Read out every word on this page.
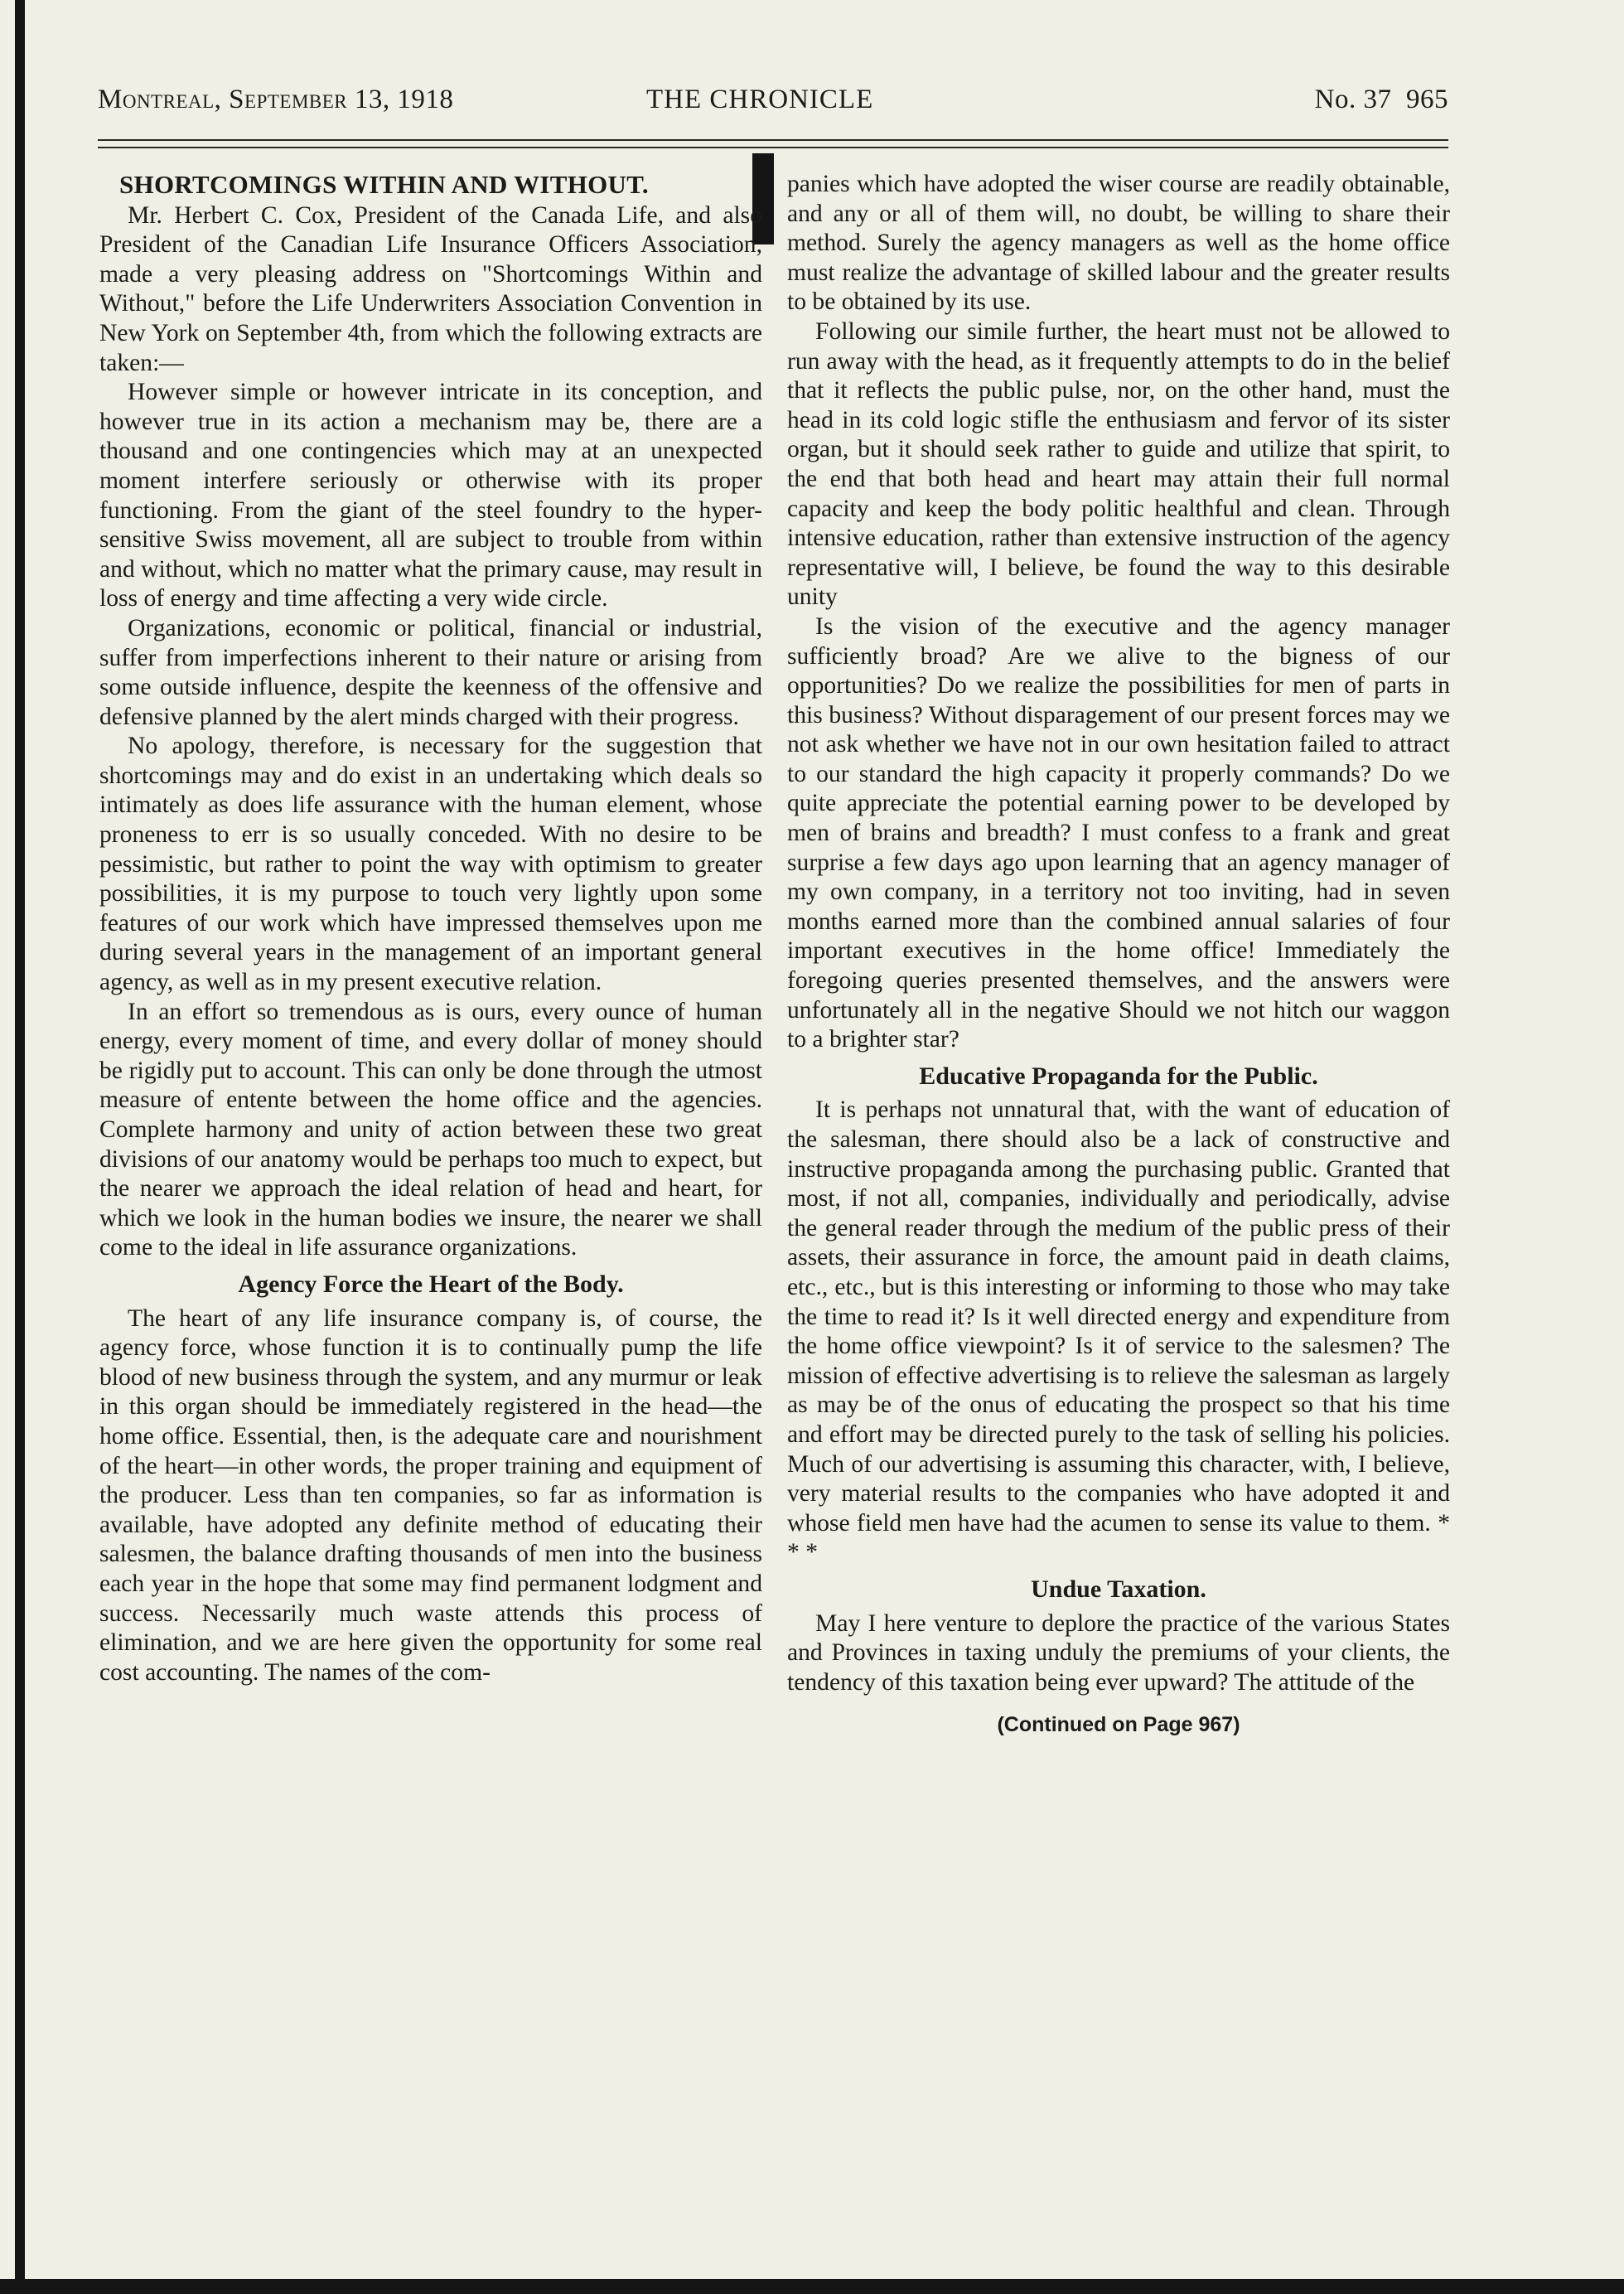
Montreal, September 13, 1918	THE CHRONICLE	No. 37 965
SHORTCOMINGS WITHIN AND WITHOUT.

Mr. Herbert C. Cox, President of the Canada Life, and also President of the Canadian Life Insurance Officers Association, made a very pleasing address on "Shortcomings Within and Without," before the Life Underwriters Association Convention in New York on September 4th, from which the following extracts are taken:—

However simple or however intricate in its conception, and however true in its action a mechanism may be, there are a thousand and one contingencies which may at an unexpected moment interfere seriously or otherwise with its proper functioning. From the giant of the steel foundry to the hyper-sensitive Swiss movement, all are subject to trouble from within and without, which no matter what the primary cause, may result in loss of energy and time affecting a very wide circle.

Organizations, economic or political, financial or industrial, suffer from imperfections inherent to their nature or arising from some outside influence, despite the keenness of the offensive and defensive planned by the alert minds charged with their progress.

No apology, therefore, is necessary for the suggestion that shortcomings may and do exist in an undertaking which deals so intimately as does life assurance with the human element, whose proneness to err is so usually conceded. With no desire to be pessimistic, but rather to point the way with optimism to greater possibilities, it is my purpose to touch very lightly upon some features of our work which have impressed themselves upon me during several years in the management of an important general agency, as well as in my present executive relation.

In an effort so tremendous as is ours, every ounce of human energy, every moment of time, and every dollar of money should be rigidly put to account. This can only be done through the utmost measure of entente between the home office and the agencies. Complete harmony and unity of action between these two great divisions of our anatomy would be perhaps too much to expect, but the nearer we approach the ideal relation of head and heart, for which we look in the human bodies we insure, the nearer we shall come to the ideal in life assurance organizations.

Agency Force the Heart of the Body.

The heart of any life insurance company is, of course, the agency force, whose function it is to continually pump the life blood of new business through the system, and any murmur or leak in this organ should be immediately registered in the head—the home office. Essential, then, is the adequate care and nourishment of the heart—in other words, the proper training and equipment of the producer. Less than ten companies, so far as information is available, have adopted any definite method of educating their salesmen, the balance drafting thousands of men into the business each year in the hope that some may find permanent lodgment and success. Necessarily much waste attends this process of elimination, and we are here given the opportunity for some real cost accounting. The names of the com-

panies which have adopted the wiser course are readily obtainable, and any or all of them will, no doubt, be willing to share their method. Surely the agency managers as well as the home office must realize the advantage of skilled labour and the greater results to be obtained by its use.

Following our simile further, the heart must not be allowed to run away with the head, as it frequently attempts to do in the belief that it reflects the public pulse, nor, on the other hand, must the head in its cold logic stifle the enthusiasm and fervor of its sister organ, but it should seek rather to guide and utilize that spirit, to the end that both head and heart may attain their full normal capacity and keep the body politic healthful and clean. Through intensive education, rather than extensive instruction of the agency representative will, I believe, be found the way to this desirable unity

Is the vision of the executive and the agency manager sufficiently broad? Are we alive to the bigness of our opportunities? Do we realize the possibilities for men of parts in this business? Without disparagement of our present forces may we not ask whether we have not in our own hesitation failed to attract to our standard the high capacity it properly commands? Do we quite appreciate the potential earning power to be developed by men of brains and breadth? I must confess to a frank and great surprise a few days ago upon learning that an agency manager of my own company, in a territory not too inviting, had in seven months earned more than the combined annual salaries of four important executives in the home office! Immediately the foregoing queries presented themselves, and the answers were unfortunately all in the negative Should we not hitch our waggon to a brighter star?

Educative Propaganda for the Public.

It is perhaps not unnatural that, with the want of education of the salesman, there should also be a lack of constructive and instructive propaganda among the purchasing public. Granted that most, if not all, companies, individually and periodically, advise the general reader through the medium of the public press of their assets, their assurance in force, the amount paid in death claims, etc., etc., but is this interesting or informing to those who may take the time to read it? Is it well directed energy and expenditure from the home office viewpoint? Is it of service to the salesmen? The mission of effective advertising is to relieve the salesman as largely as may be of the onus of educating the prospect so that his time and effort may be directed purely to the task of selling his policies. Much of our advertising is assuming this character, with, I believe, very material results to the companies who have adopted it and whose field men have had the acumen to sense its value to them. * * *

Undue Taxation.

May I here venture to deplore the practice of the various States and Provinces in taxing unduly the premiums of your clients, the tendency of this taxation being ever upward? The attitude of the

(Continued on Page 967)
